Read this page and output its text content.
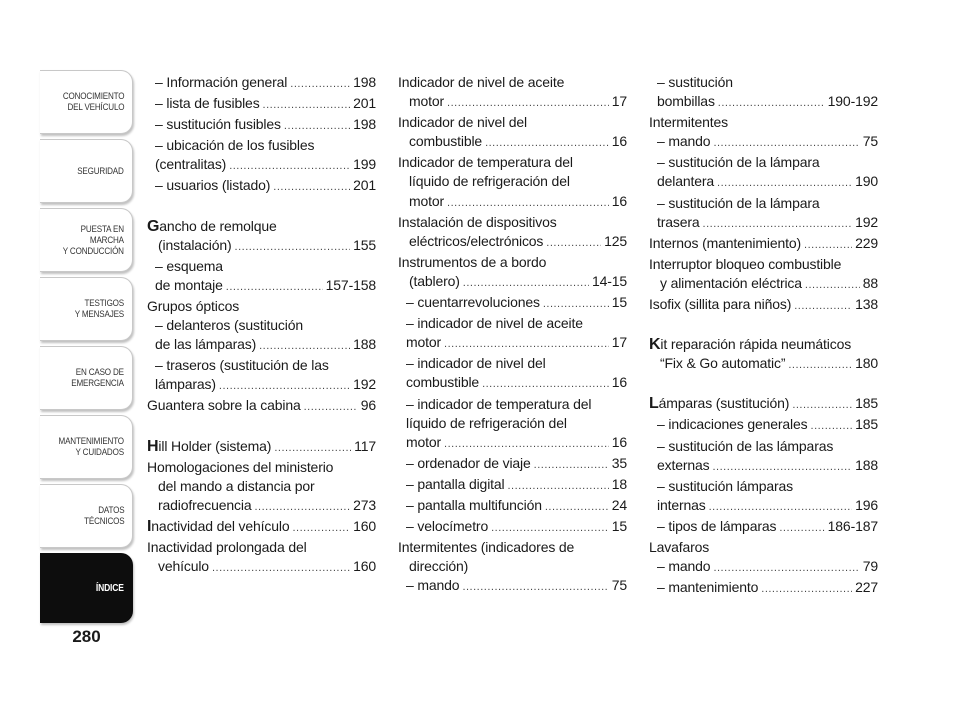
CONOCIMIENTO
DEL VEHÍCULO
SEGURIDAD
PUESTA EN
MARCHA
Y CONDUCCIÓN
TESTIGOS
Y MENSAJES
EN CASO DE
EMERGENCIA
MANTENIMIENTO
Y CUIDADOS
DATOS
TÉCNICOS
ÍNDICE
280
– Información general .....	198
– lista de fusibles .....	201
– sustitución fusibles .....	198
– ubicación de los fusibles
(centralitas) .....	199
– usuarios (listado) .....	201
Gancho de remolque
(instalación) .....	155
– esquema
de montaje .....	157-158
Grupos ópticos
– delanteros (sustitución
de las lámparas) .....	188
– traseros (sustitución de las
lámparas) .....	192
Guantera sobre la cabina .....	96
Hill Holder (sistema) .....	117
Homologaciones del ministerio
del mando a distancia por
radiofrecuencia .....	273
Inactividad del vehículo .....	160
Inactividad prolongada del
vehículo .....	160
Indicador de nivel de aceite
motor .....	17
Indicador de nivel del
combustible .....	16
Indicador de temperatura del
líquido de refrigeración del
motor .....	16
Instalación de dispositivos
eléctricos/electrónicos .....	125
Instrumentos de a bordo
(tablero) .....	14-15
– cuentarrevoluciones .....	15
– indicador de nivel de aceite
motor .....	17
– indicador de nivel del
combustible .....	16
– indicador de temperatura del
líquido de refrigeración del
motor .....	16
– ordenador de viaje .....	35
– pantalla digital .....	18
– pantalla multifunción .....	24
– velocímetro .....	15
Intermitentes (indicadores de
dirección)
– mando .....	75
– sustitución
bombillas .....	190-192
Intermitentes
– mando .....	75
– sustitución de la lámpara
delantera .....	190
– sustitución de la lámpara
trasera .....	192
Internos (mantenimiento) .....	229
Interruptor bloqueo combustible
y alimentación eléctrica .....	88
Isofix (sillita para niños) .....	138
Kit reparación rápida neumáticos
“Fix & Go automatic” .....	180
Lámparas (sustitución) .....	185
– indicaciones generales .....	185
– sustitución de las lámparas
externas .....	188
– sustitución lámparas
internas .....	196
– tipos de lámparas .....	186-187
Lavafaros
– mando .....	79
– mantenimiento .....	227
